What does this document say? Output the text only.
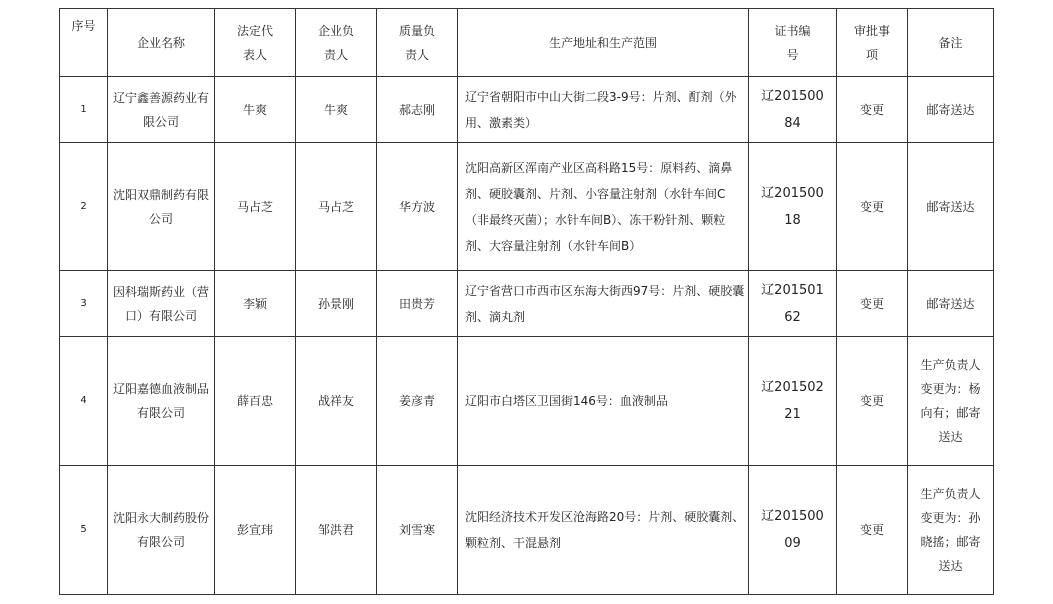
序号	企业名称	法定代表人	企业负责人	质量负责人	生产地址和生产范围	证书编号	审批事项	备注
1	辽宁鑫善源药业有限公司	牛爽	牛爽	郝志刚	辽宁省朝阳市中山大街二段3-9号：片剂、酊剂（外用、激素类）	辽20150084	变更	邮寄送达
2	沈阳双鼎制药有限公司	马占芝	马占芝	华方波	沈阳高新区浑南产业区高科路15号：原料药、滴鼻剂、硬胶囊剂、片剂、小容量注射剂（水针车间C（非最终灭菌）；水针车间B）、冻干粉针剂、颗粒剂、大容量注射剂（水针车间B）	辽20150018	变更	邮寄送达
3	因科瑞斯药业（营口）有限公司	李颖	孙景刚	田贵芳	辽宁省营口市西市区东海大街西97号：片剂、硬胶囊剂、滴丸剂	辽20150162	变更	邮寄送达
4	辽阳嘉德血液制品有限公司	薛百忠	战祥友	姜彦青	辽阳市白塔区卫国街146号：血液制品	辽20150221	变更	生产负责人变更为：杨向有；邮寄送达
5	沈阳永大制药股份有限公司	彭宣玮	邹洪君	刘雪寒	沈阳经济技术开发区沧海路20号：片剂、硬胶囊剂、颗粒剂、干混悬剂	辽20150009	变更	生产负责人变更为：孙晓搖；邮寄送达
